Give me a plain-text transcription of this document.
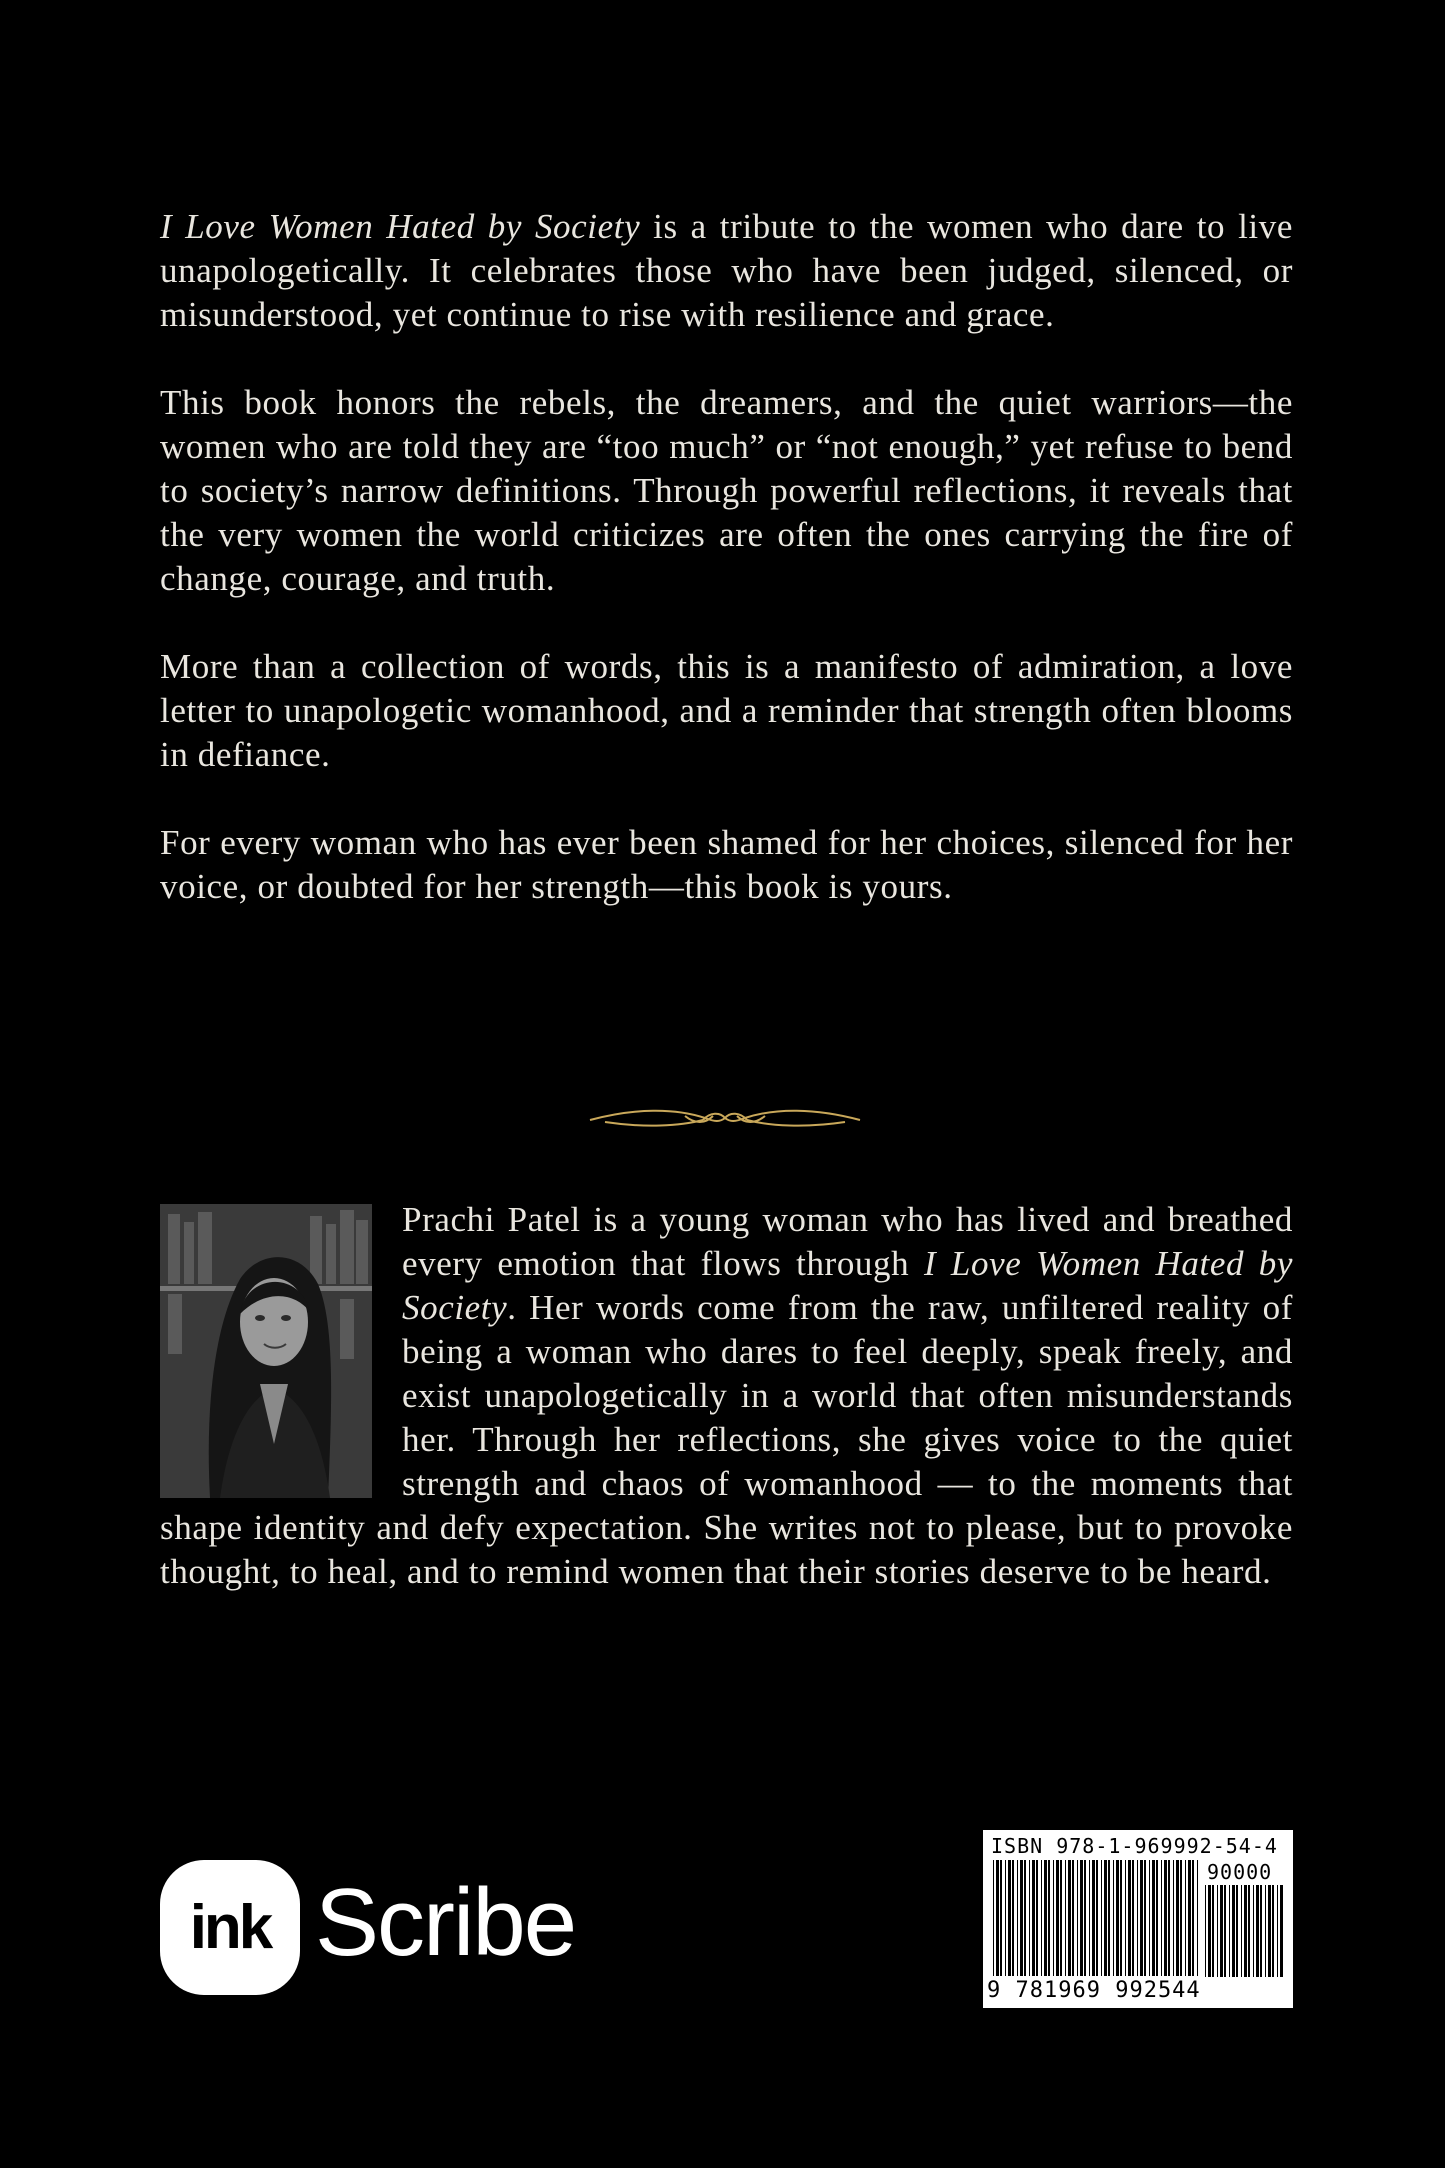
I Love Women Hated by Society is a tribute to the women who dare to live unapologetically. It celebrates those who have been judged, silenced, or misunderstood, yet continue to rise with resilience and grace.

This book honors the rebels, the dreamers, and the quiet warriors—the women who are told they are “too much” or “not enough,” yet refuse to bend to society’s narrow definitions. Through powerful reflections, it reveals that the very women the world criticizes are often the ones carrying the fire of change, courage, and truth.

More than a collection of words, this is a manifesto of admiration, a love letter to unapologetic womanhood, and a reminder that strength often blooms in defiance.

For every woman who has ever been shamed for her choices, silenced for her voice, or doubted for her strength—this book is yours.

Prachi Patel is a young woman who has lived and breathed every emotion that flows through I Love Women Hated by Society. Her words come from the raw, unfiltered reality of being a woman who dares to feel deeply, speak freely, and exist unapologetically in a world that often misunderstands her. Through her reflections, she gives voice to the quiet strength and chaos of womanhood — to the moments that shape identity and defy expectation. She writes not to please, but to provoke thought, to heal, and to remind women that their stories deserve to be heard.

ink Scribe
ISBN 978-1-969992-54-4
90000
9 781969 992544
